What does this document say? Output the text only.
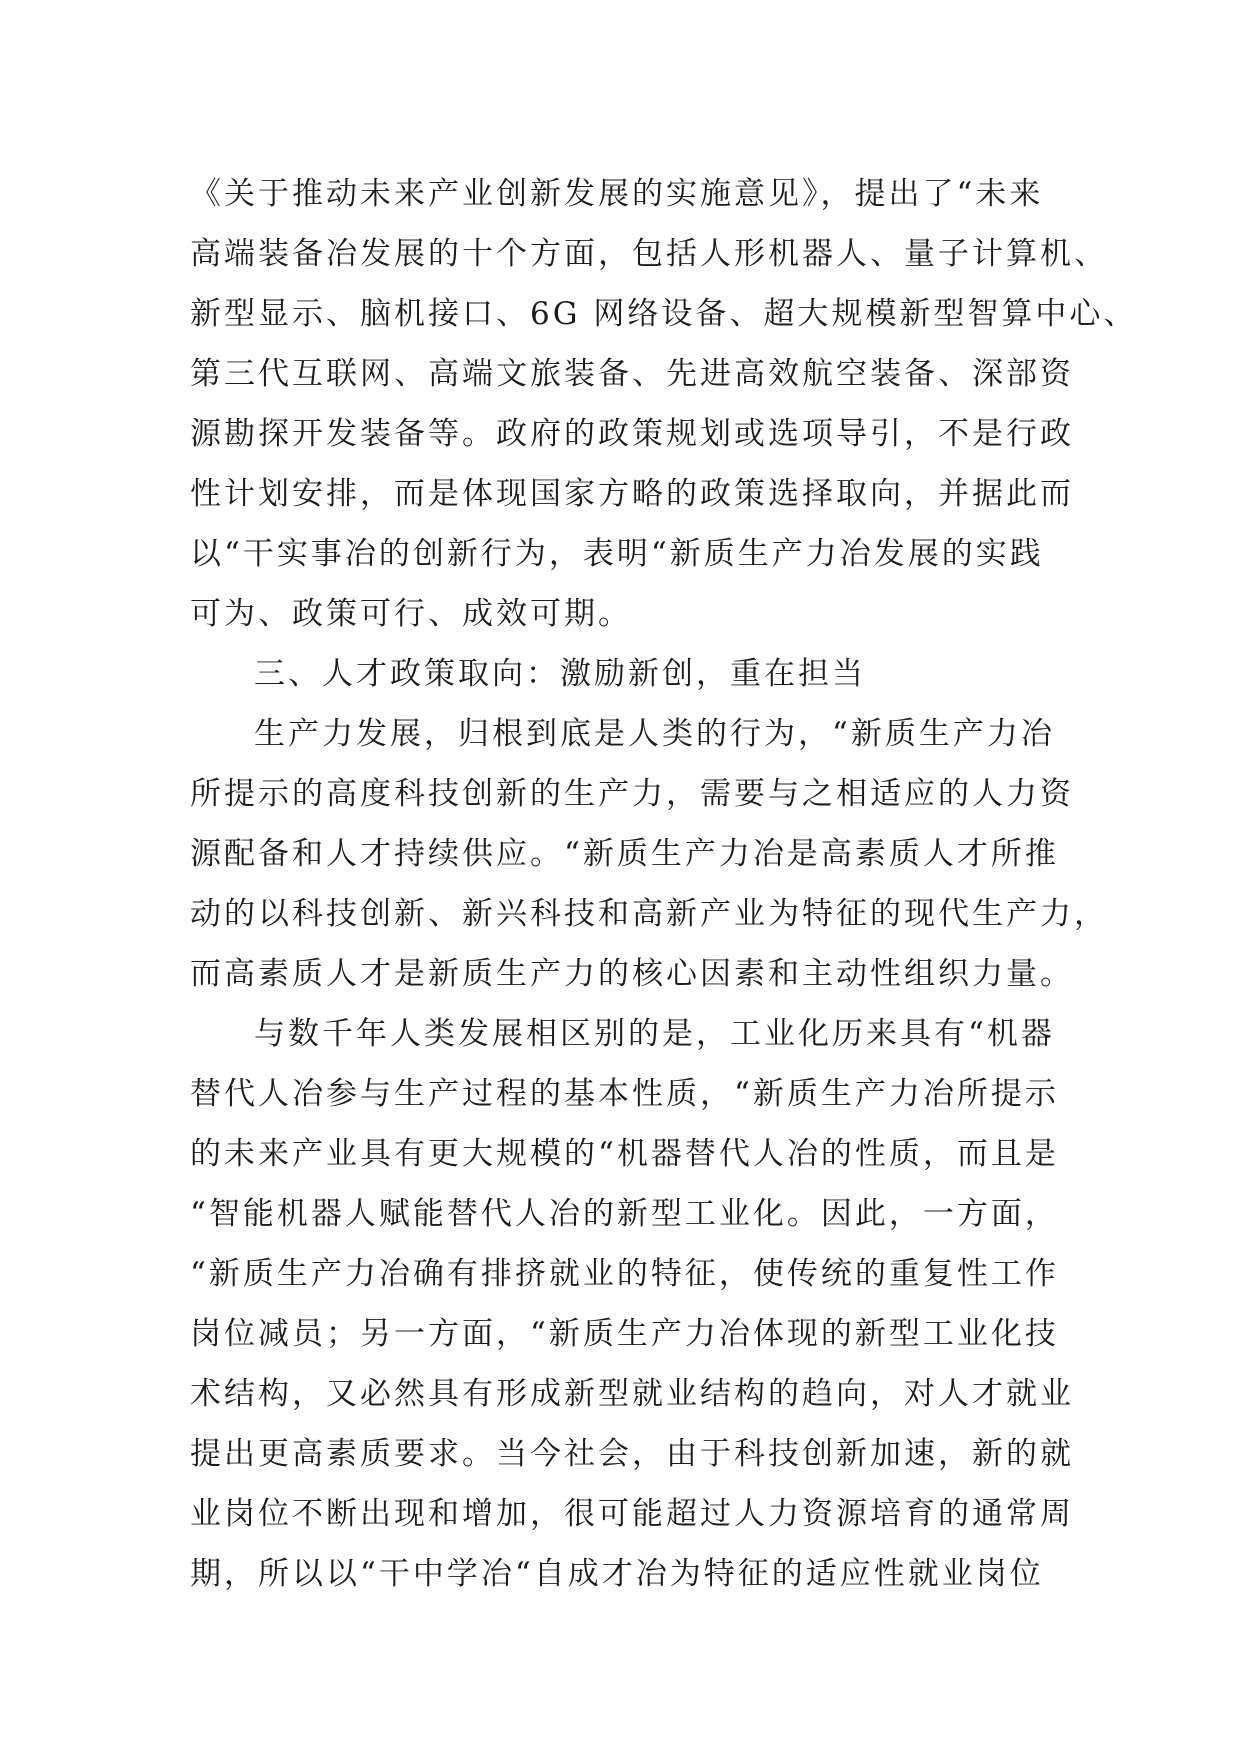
《关于推动未来产业创新发展的实施意见》，提出了“未来
高端装备冶发展的十个方面，包括人形机器人、量子计算机、
新型显示、脑机接口、6G 网络设备、超大规模新型智算中心、
第三代互联网、高端文旅装备、先进高效航空装备、深部资
源勘探开发装备等。政府的政策规划或选项导引，不是行政
性计划安排，而是体现国家方略的政策选择取向，并据此而
以“干实事冶的创新行为，表明“新质生产力冶发展的实践
可为、政策可行、成效可期。
三、人才政策取向：激励新创，重在担当
生产力发展，归根到底是人类的行为，“新质生产力冶
所提示的高度科技创新的生产力，需要与之相适应的人力资
源配备和人才持续供应。“新质生产力冶是高素质人才所推
动的以科技创新、新兴科技和高新产业为特征的现代生产力，
而高素质人才是新质生产力的核心因素和主动性组织力量。
与数千年人类发展相区别的是，工业化历来具有“机器
替代人冶参与生产过程的基本性质，“新质生产力冶所提示
的未来产业具有更大规模的“机器替代人冶的性质，而且是
“智能机器人赋能替代人冶的新型工业化。因此，一方面，
“新质生产力冶确有排挤就业的特征，使传统的重复性工作
岗位减员；另一方面，“新质生产力冶体现的新型工业化技
术结构，又必然具有形成新型就业结构的趋向，对人才就业
提出更高素质要求。当今社会，由于科技创新加速，新的就
业岗位不断出现和增加，很可能超过人力资源培育的通常周
期，所以以“干中学冶“自成才冶为特征的适应性就业岗位
